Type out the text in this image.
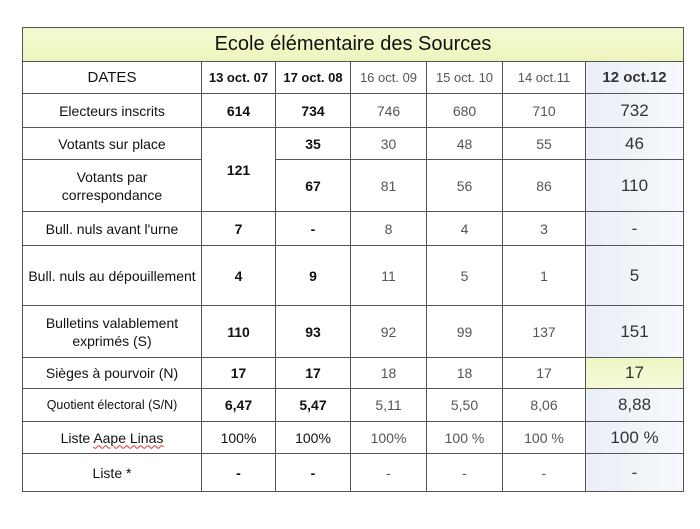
Ecole élémentaire des Sources						
DATES	13 oct. 07	17 oct. 08	16 oct. 09	15 oct. 10	14 oct.11	12 oct.12
Electeurs inscrits	614	734	746	680	710	732
Votants sur place	121	35	30	48	55	46
Votants par correspondance		67	81	56	86	110
Bull. nuls avant l'urne	7	-	8	4	3	-
Bull. nuls au dépouillement	4	9	11	5	1	5
Bulletins valablement exprimés (S)	110	93	92	99	137	151
Sièges à pourvoir (N)	17	17	18	18	17	17
Quotient électoral (S/N)	6,47	5,47	5,11	5,50	8,06	8,88
Liste Aape Linas	100%	100%	100%	100 %	100 %	100 %
Liste *	-	-	-	-	-	-
